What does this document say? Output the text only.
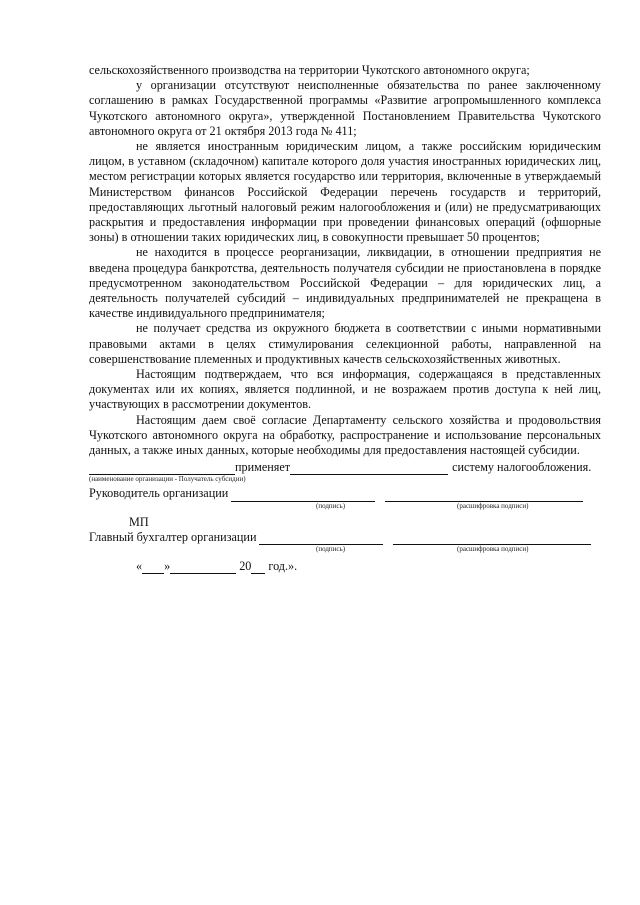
сельскохозяйственного производства на территории Чукотского автономного округа;

у организации отсутствуют неисполненные обязательства по ранее заключенному соглашению в рамках Государственной программы «Развитие агропромышленного комплекса Чукотского автономного округа», утвержденной Постановлением Правительства Чукотского автономного округа от 21 октября 2013 года № 411;

не является иностранным юридическим лицом, а также российским юридическим лицом, в уставном (складочном) капитале которого доля участия иностранных юридических лиц, местом регистрации которых является государство или территория, включенные в утверждаемый Министерством финансов Российской Федерации перечень государств и территорий, предоставляющих льготный налоговый режим налогообложения и (или) не предусматривающих раскрытия и предоставления информации при проведении финансовых операций (офшорные зоны) в отношении таких юридических лиц, в совокупности превышает 50 процентов;

не находится в процессе реорганизации, ликвидации, в отношении предприятия не введена процедура банкротства, деятельность получателя субсидии не приостановлена в порядке предусмотренном законодательством Российской Федерации – для юридических лиц, а деятельность получателей субсидий – индивидуальных предпринимателей не прекращена в качестве индивидуального предпринимателя;

не получает средства из окружного бюджета в соответствии с иными нормативными правовыми актами в целях стимулирования селекционной работы, направленной на совершенствование племенных и продуктивных качеств сельскохозяйственных животных.

Настоящим подтверждаем, что вся информация, содержащаяся в представленных документах или их копиях, является подлинной, и не возражаем против доступа к ней лиц, участвующих в рассмотрении документов.

Настоящим даем своё согласие Департаменту сельского хозяйства и продовольствия Чукотского автономного округа на обработку, распространение и использование персональных данных, а также иных данных, которые необходимы для предоставления настоящей субсидии.

применяет	систему налогообложения.
(наименование организации - Получатель субсидии)
Руководитель организации
(подпись)	(расшифровка подписи)
МП
Главный бухгалтер организации
(подпись)	(расшифровка подписи)
« »	20 год.».
